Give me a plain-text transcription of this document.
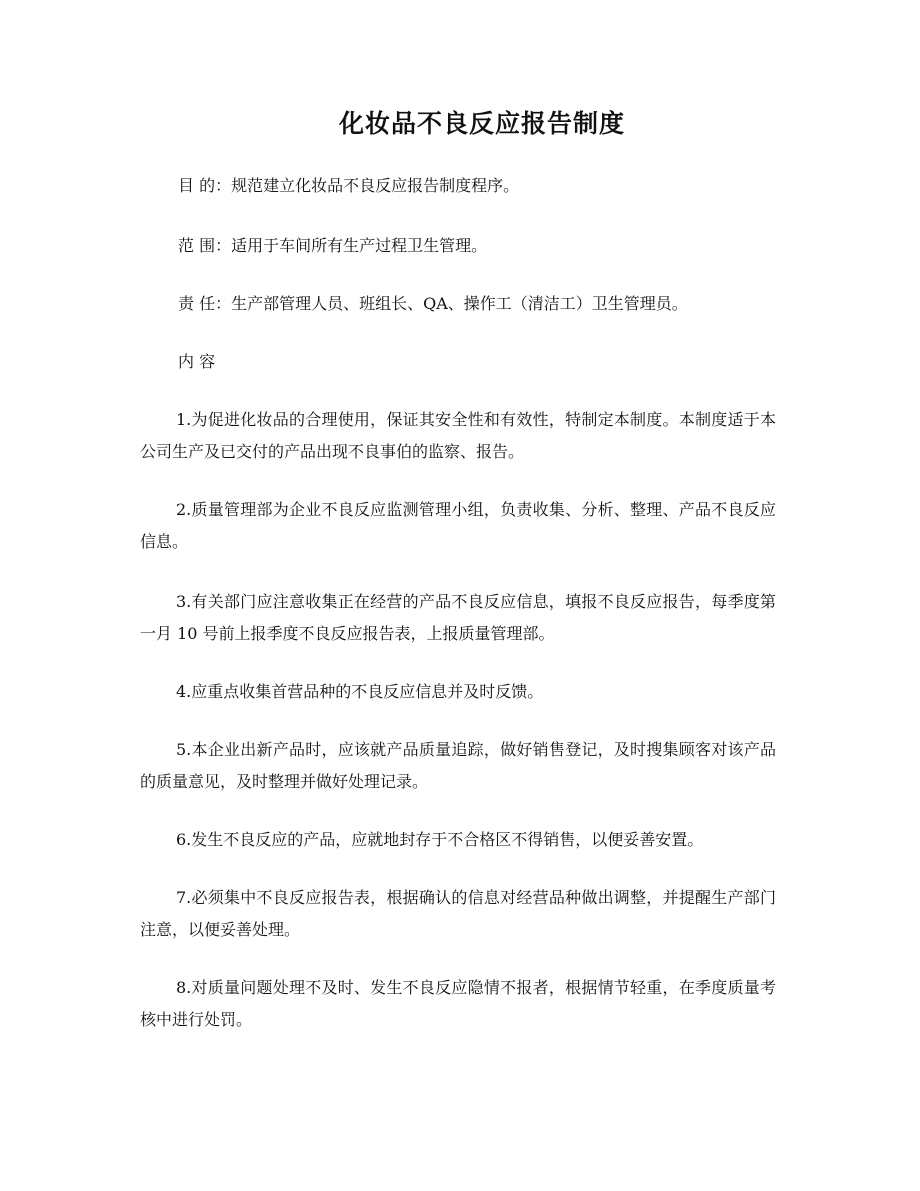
化妆品不良反应报告制度
目 的：规范建立化妆品不良反应报告制度程序。
范 围：适用于车间所有生产过程卫生管理。
责 任：生产部管理人员、班组长、QA、操作工（清洁工）卫生管理员。
内 容
1.为促进化妆品的合理使用，保证其安全性和有效性，特制定本制度。本制度适于本公司生产及已交付的产品出现不良事伯的监察、报告。
2.质量管理部为企业不良反应监测管理小组，负责收集、分析、整理、产品不良反应信息。
3.有关部门应注意收集正在经营的产品不良反应信息，填报不良反应报告，每季度第一月 10 号前上报季度不良反应报告表，上报质量管理部。
4.应重点收集首营品种的不良反应信息并及时反馈。
5.本企业出新产品时，应该就产品质量追踪，做好销售登记，及时搜集顾客对该产品的质量意见，及时整理并做好处理记录。
6.发生不良反应的产品，应就地封存于不合格区不得销售，以便妥善安置。
7.必须集中不良反应报告表，根据确认的信息对经营品种做出调整，并提醒生产部门注意，以便妥善处理。
8.对质量问题处理不及时、发生不良反应隐情不报者，根据情节轻重，在季度质量考核中进行处罚。
